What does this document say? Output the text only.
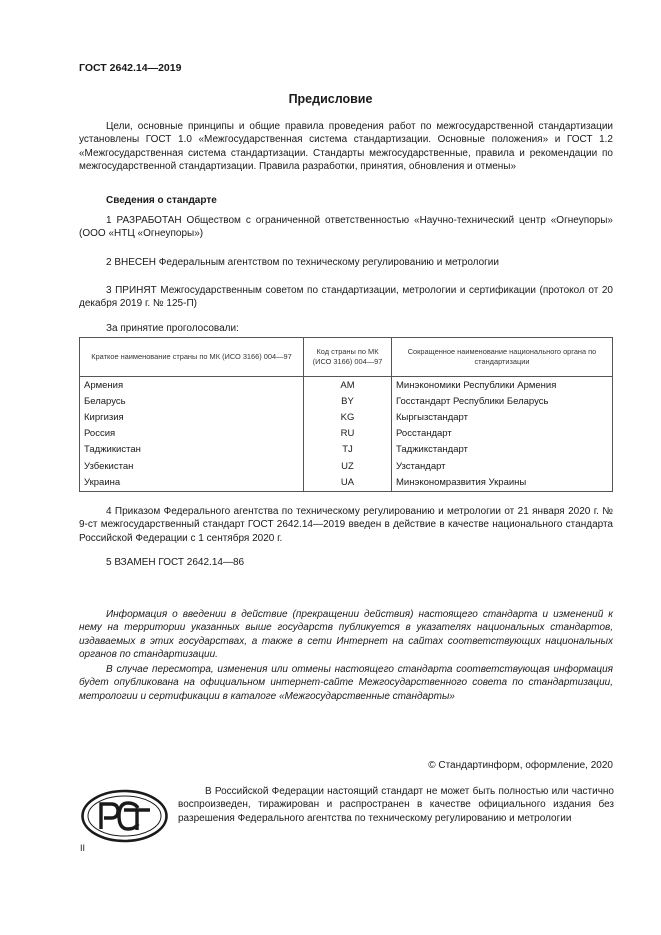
ГОСТ 2642.14—2019
Предисловие
Цели, основные принципы и общие правила проведения работ по межгосударственной стандартизации установлены ГОСТ 1.0 «Межгосударственная система стандартизации. Основные положения» и ГОСТ 1.2 «Межгосударственная система стандартизации. Стандарты межгосударственные, правила и рекомендации по межгосударственной стандартизации. Правила разработки, принятия, обновления и отмены»
Сведения о стандарте
1 РАЗРАБОТАН Обществом с ограниченной ответственностью «Научно-технический центр «Огнеупоры» (ООО «НТЦ «Огнеупоры»)
2 ВНЕСЕН Федеральным агентством по техническому регулированию и метрологии
3 ПРИНЯТ Межгосударственным советом по стандартизации, метрологии и сертификации (протокол от 20 декабря 2019 г. № 125-П)
За принятие проголосовали:
Краткое наименование страны по МК (ИСО 3166) 004—97	Код страны по МК (ИСО 3166) 004—97	Сокращенное наименование национального органа по стандартизации
Армения	AM	Минэкономики Республики Армения
Беларусь	BY	Госстандарт Республики Беларусь
Киргизия	KG	Кыргызстандарт
Россия	RU	Росстандарт
Таджикистан	TJ	Таджикстандарт
Узбекистан	UZ	Узстандарт
Украина	UA	Минэкономразвития Украины
4 Приказом Федерального агентства по техническому регулированию и метрологии от 21 января 2020 г. № 9-ст межгосударственный стандарт ГОСТ 2642.14—2019 введен в действие в качестве национального стандарта Российской Федерации с 1 сентября 2020 г.
5 ВЗАМЕН ГОСТ 2642.14—86
Информация о введении в действие (прекращении действия) настоящего стандарта и изменений к нему на территории указанных выше государств публикуется в указателях национальных стандартов, издаваемых в этих государствах, а также в сети Интернет на сайтах соответствующих национальных органов по стандартизации.
В случае пересмотра, изменения или отмены настоящего стандарта соответствующая информация будет опубликована на официальном интернет-сайте Межгосударственного совета по стандартизации, метрологии и сертификации в каталоге «Межгосударственные стандарты»
© Стандартинформ, оформление, 2020
В Российской Федерации настоящий стандарт не может быть полностью или частично воспроизведен, тиражирован и распространен в качестве официального издания без разрешения Федерального агентства по техническому регулированию и метрологии
II
